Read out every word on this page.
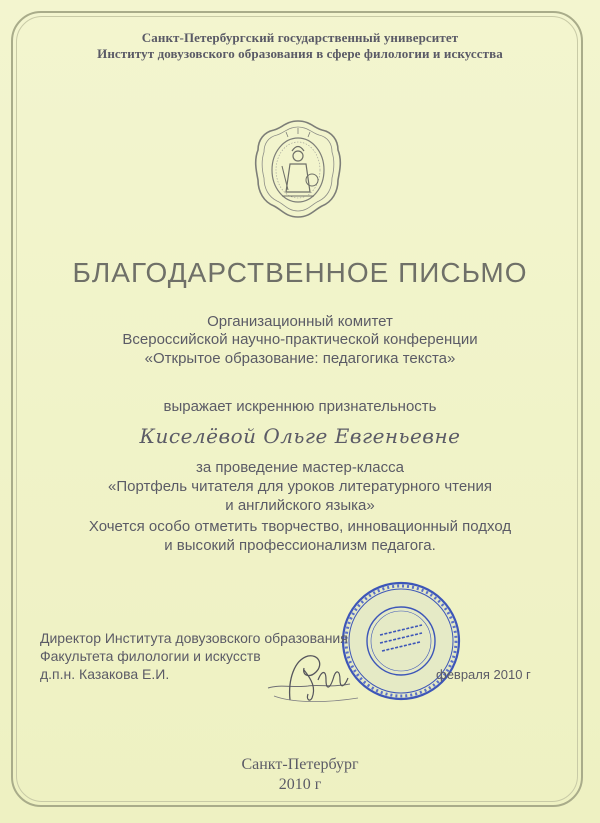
Санкт-Петербургский государственный университет
Институт довузовского образования в сфере филологии и искусства
БЛАГОДАРСТВЕННОЕ ПИСЬМО
Организационный комитет
Всероссийской научно-практической конференции
«Открытое образование: педагогика текста»
выражает искреннюю признательность
Киселёвой Ольге Евгеньевне
за проведение мастер-класса
«Портфель читателя для уроков литературного чтения
и английского языка»
Хочется особо отметить творчество, инновационный подход
и высокий профессионализм педагога.
Директор Института довузовского образования
Факультета филологии и искусств
д.п.н. Казакова Е.И.	февраля 2010 г
Санкт-Петербург
2010 г
